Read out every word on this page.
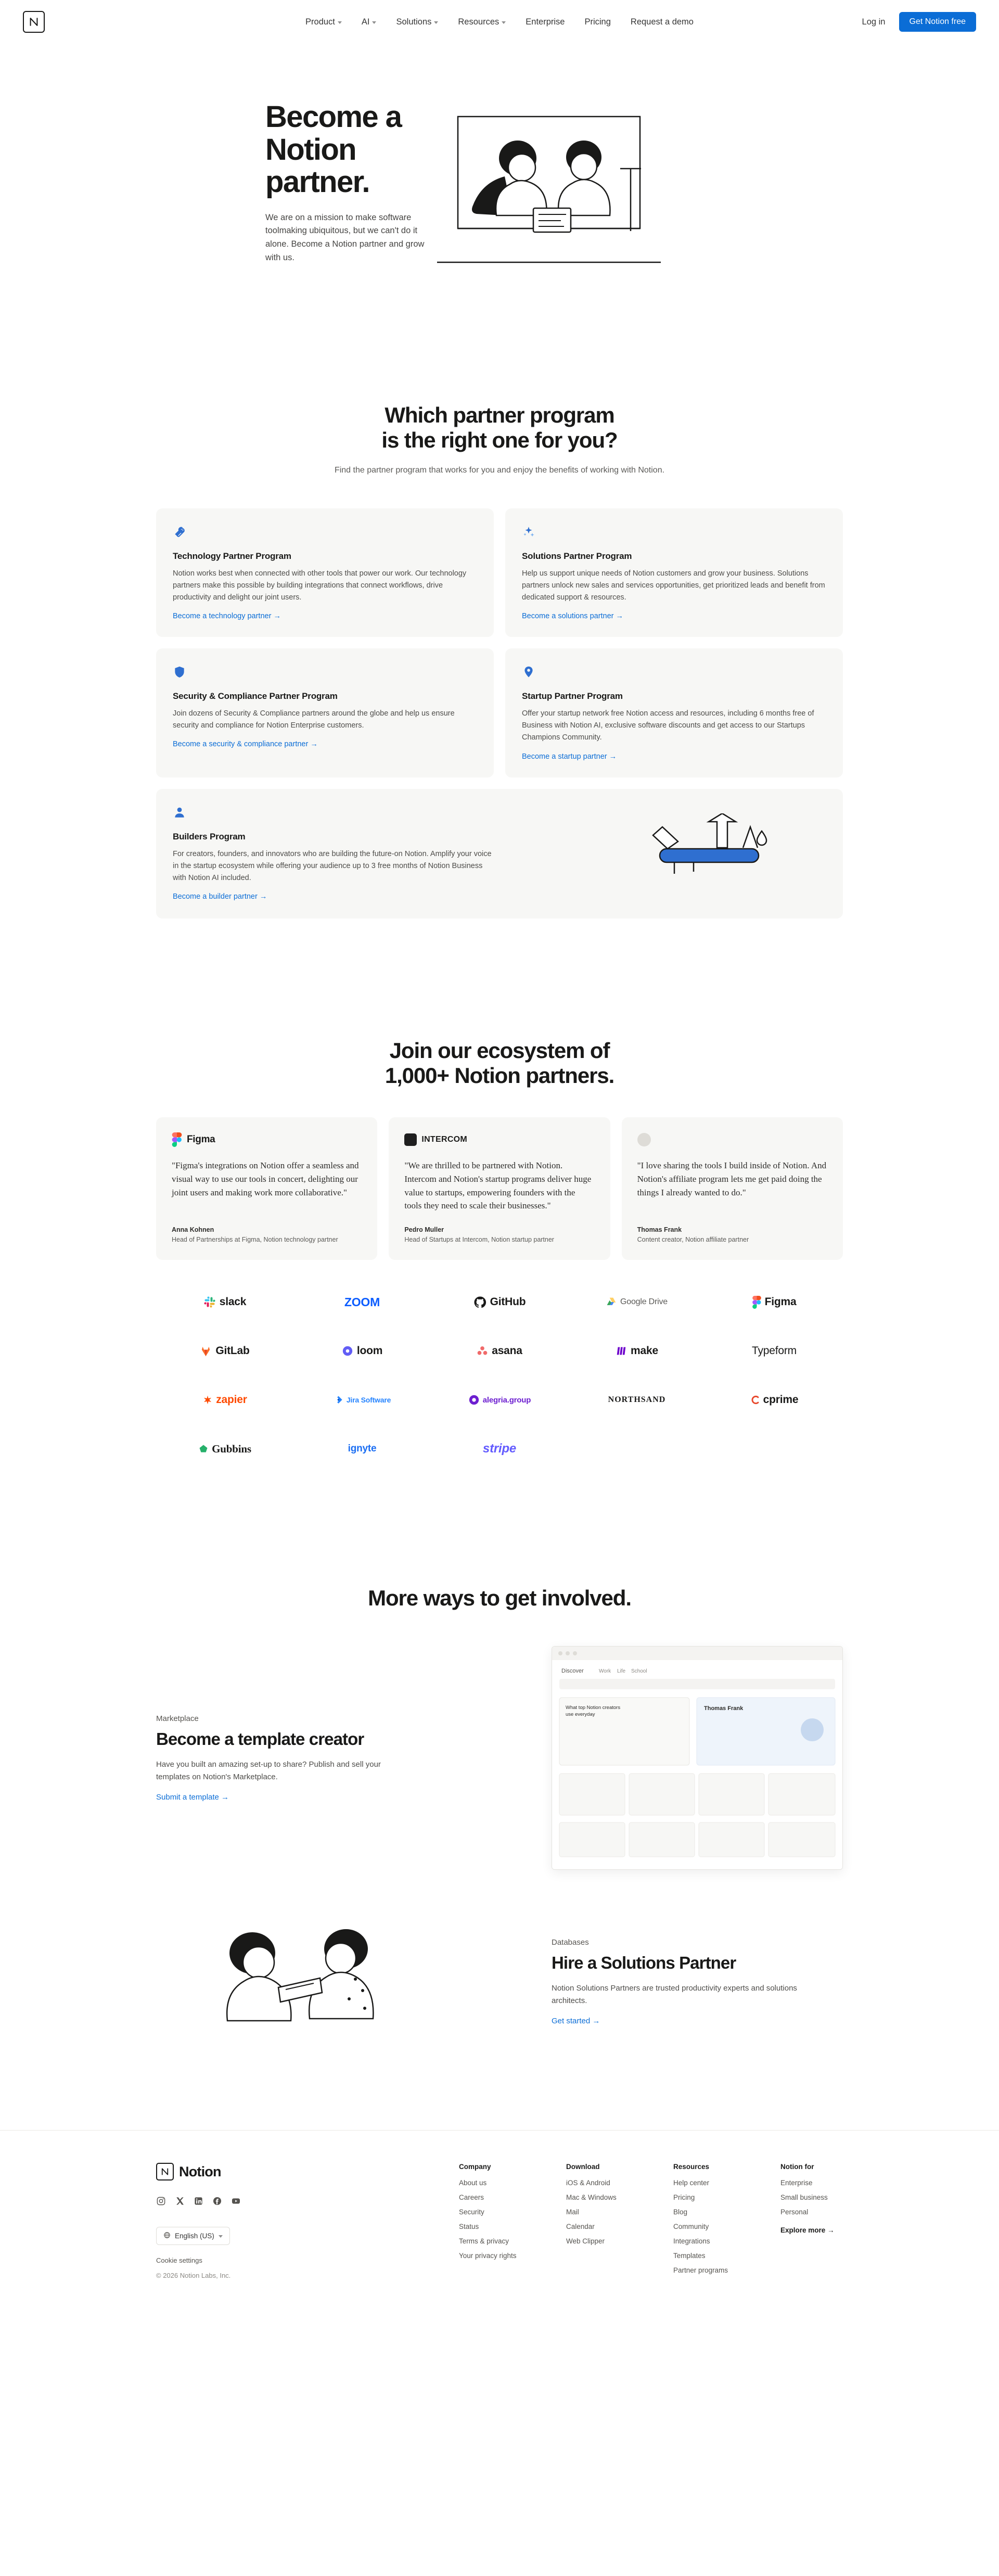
Product	AI	Solutions	Resources	Enterprise Pricing Request a demo	Log in	Get Notion free
Become a
Notion partner.
We are on a mission to make software toolmaking ubiquitous, but we can't do it alone. Become a Notion partner and grow with us.
Which partner program
is the right one for you?
Find the partner program that works for you and enjoy the benefits of working with Notion.
Technology Partner Program
Notion works best when connected with other tools that power our work. Our technology partners make this possible by building integrations that connect workflows, drive productivity and delight our joint users.
Become a technology partner →
Solutions Partner Program
Help us support unique needs of Notion customers and grow your business. Solutions partners unlock new sales and services opportunities, get prioritized leads and benefit from dedicated support & resources.
Become a solutions partner →
Security & Compliance Partner Program
Join dozens of Security & Compliance partners around the globe and help us ensure security and compliance for Notion Enterprise customers.
Become a security & compliance partner →
Startup Partner Program
Offer your startup network free Notion access and resources, including 6 months free of Business with Notion AI, exclusive software discounts and get access to our Startups Champions Community.
Become a startup partner →
Builders Program
For creators, founders, and innovators who are building the future-on Notion. Amplify your voice in the startup ecosystem while offering your audience up to 3 free months of Notion Business with Notion AI included.
Become a builder partner →
Join our ecosystem of
1,000+ Notion partners.
Figma
"Figma's integrations on Notion offer a seamless and visual way to use our tools in concert, delighting our joint users and making work more collaborative."
Anna Kohnen
Head of Partnerships at Figma, Notion technology partner
INTERCOM
"We are thrilled to be partnered with Notion. Intercom and Notion's startup programs deliver huge value to startups, empowering founders with the tools they need to scale their businesses."
Pedro Muller
Head of Startups at Intercom, Notion startup partner
"I love sharing the tools I build inside of Notion. And Notion's affiliate program lets me get paid doing the things I already wanted to do."
Thomas Frank
Content creator, Notion affiliate partner
slack	ZOOM	GitHub	Google Drive	Figma
GitLab	loom	asana	make	Typeform
zapier	Jira Software	alegria.group	NORTHSAND	cprime
Gubbins	ignyte	stripe
More ways to get involved.
Marketplace
Become a template creator
Have you built an amazing set-up to share? Publish and sell your templates on Notion's Marketplace.
Submit a template →
Discover	Work Life School
What top Notion creators
use everyday
Thomas Frank
Databases
Hire a Solutions Partner
Notion Solutions Partners are trusted productivity experts and solutions architects.
Get started →
Notion
English (US)
Cookie settings
© 2026 Notion Labs, Inc.
Company
About us
Careers
Security
Status
Terms & privacy
Your privacy rights
Download
iOS & Android
Mac & Windows
Mail
Calendar
Web Clipper
Resources
Help center
Pricing
Blog
Community
Integrations
Templates
Partner programs
Notion for
Enterprise
Small business
Personal
Explore more →
